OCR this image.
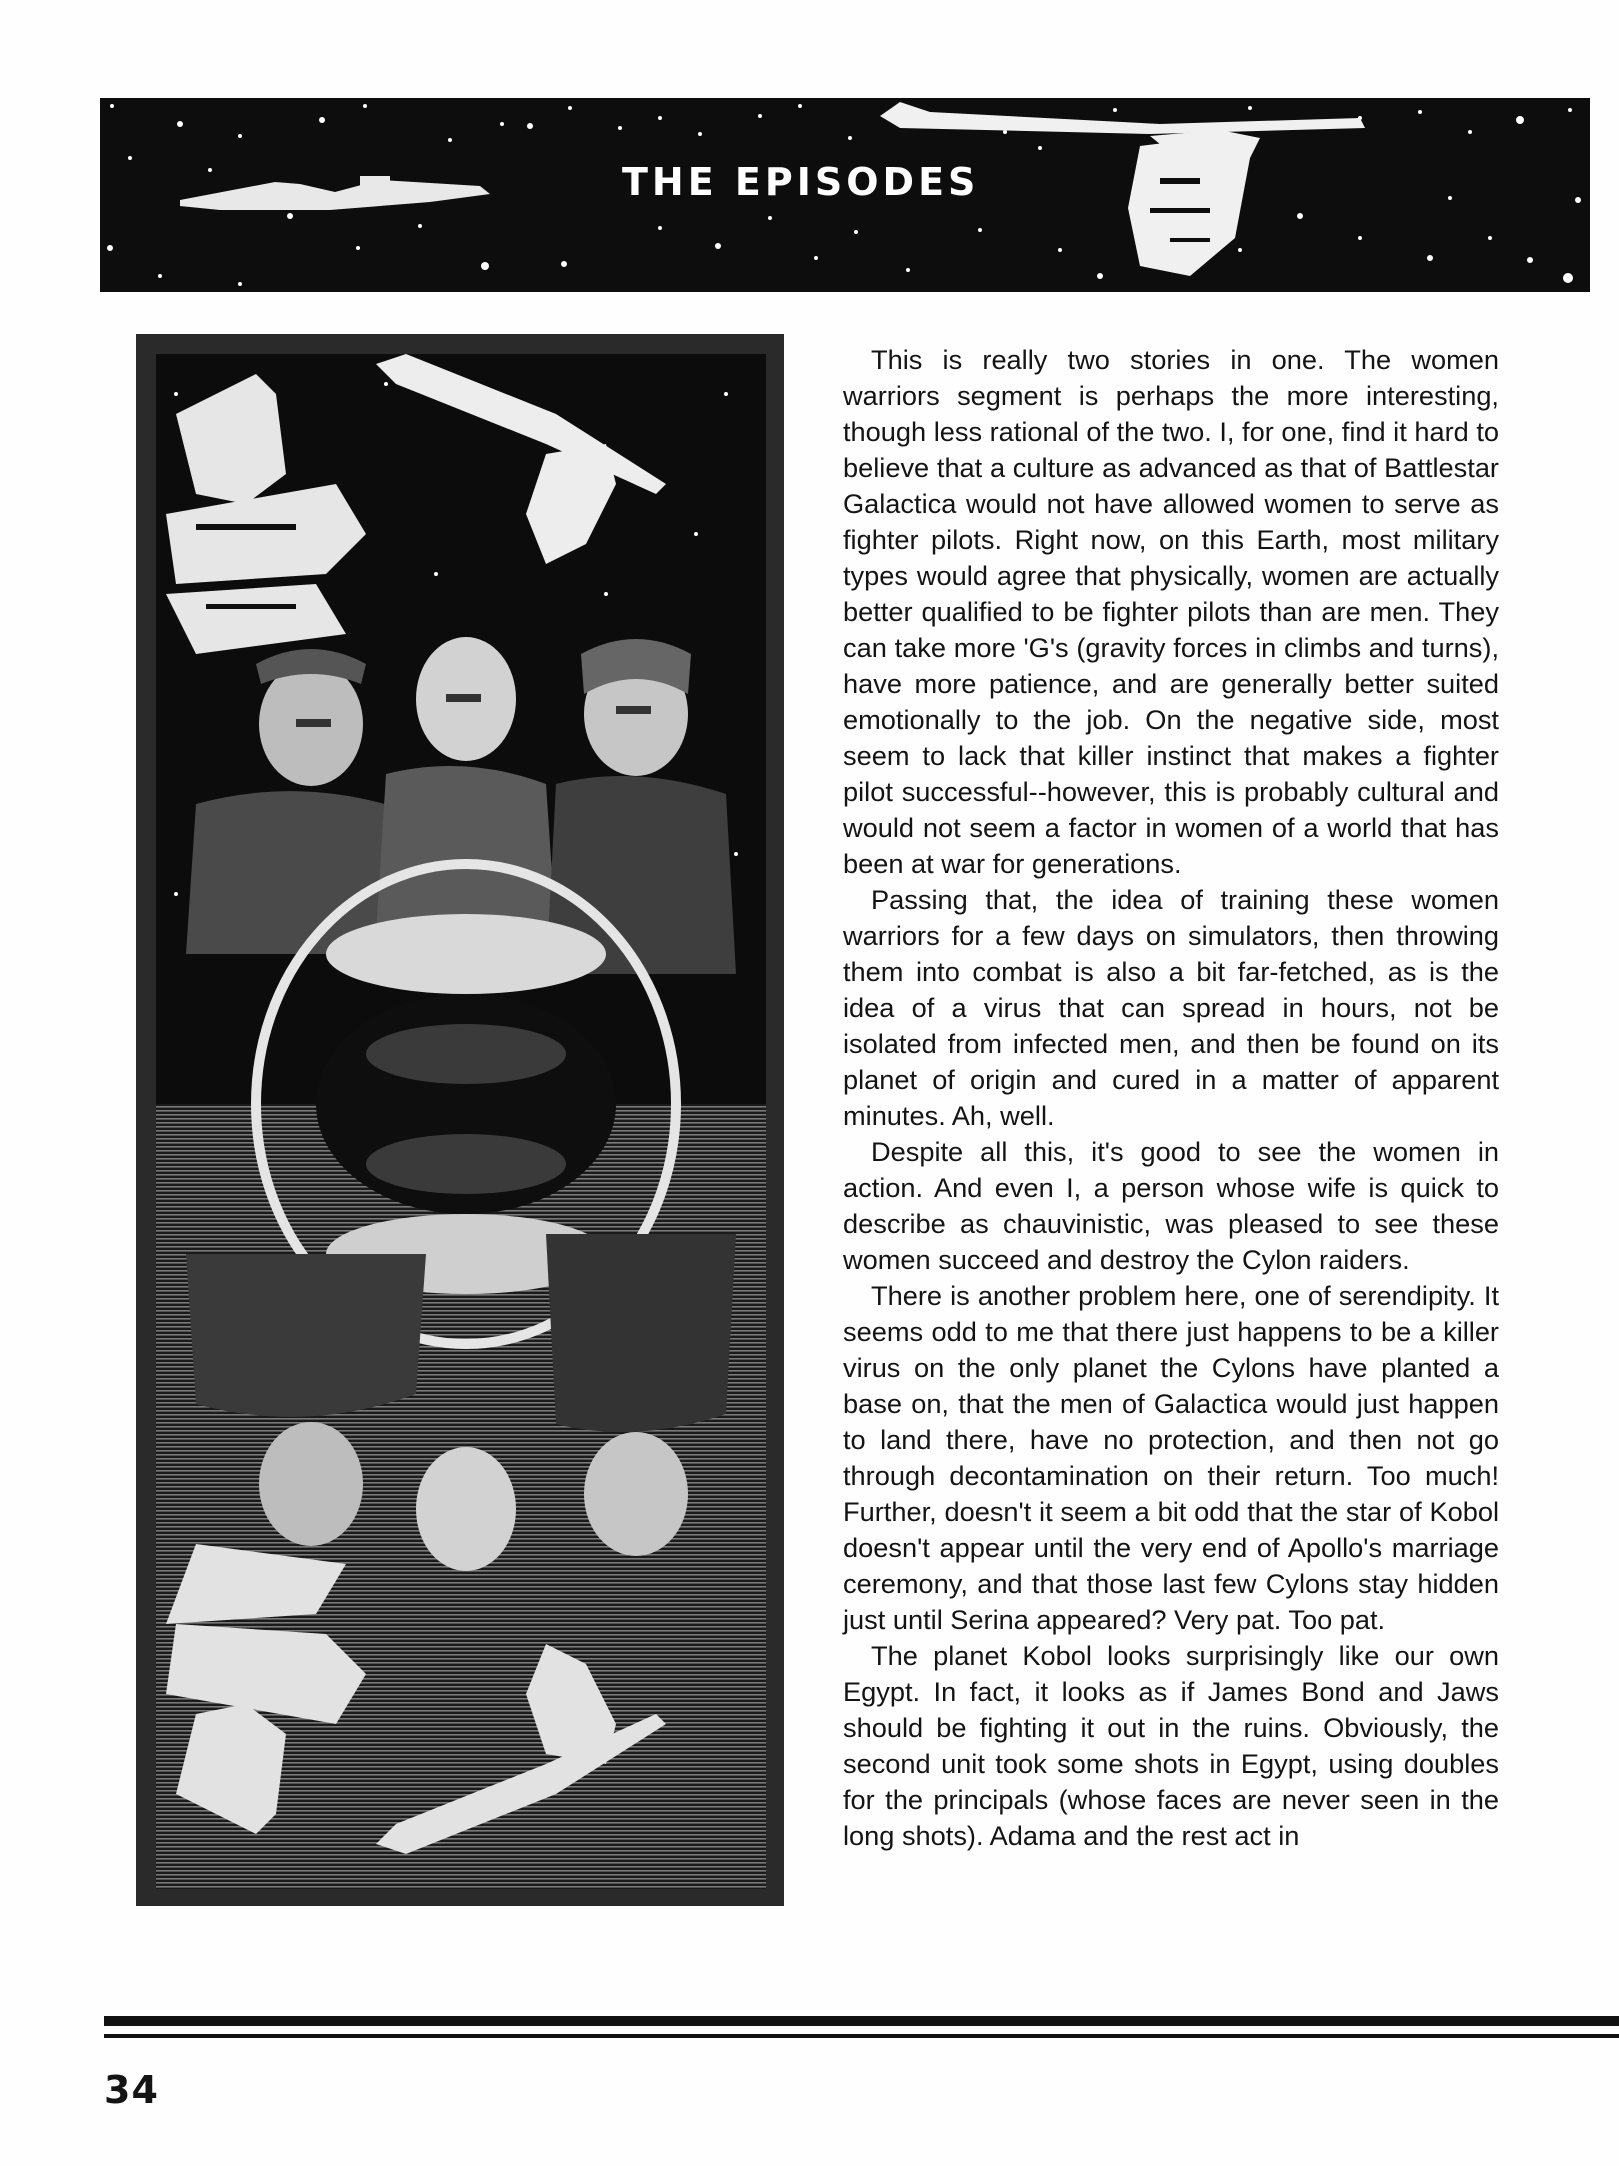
THE EPISODES

This is really two stories in one. The women warriors segment is perhaps the more interesting, though less rational of the two. I, for one, find it hard to believe that a culture as advanced as that of Battlestar Galactica would not have allowed women to serve as fighter pilots. Right now, on this Earth, most military types would agree that physically, women are actually better qualified to be fighter pilots than are men. They can take more 'G's (gravity forces in climbs and turns), have more patience, and are generally better suited emotionally to the job. On the negative side, most seem to lack that killer instinct that makes a fighter pilot successful--however, this is probably cultural and would not seem a factor in women of a world that has been at war for generations.

Passing that, the idea of training these women warriors for a few days on simulators, then throwing them into combat is also a bit far-fetched, as is the idea of a virus that can spread in hours, not be isolated from infected men, and then be found on its planet of origin and cured in a matter of apparent minutes. Ah, well.

Despite all this, it's good to see the women in action. And even I, a person whose wife is quick to describe as chauvinistic, was pleased to see these women succeed and destroy the Cylon raiders.

There is another problem here, one of serendipity. It seems odd to me that there just happens to be a killer virus on the only planet the Cylons have planted a base on, that the men of Galactica would just happen to land there, have no protection, and then not go through decontamination on their return. Too much! Further, doesn't it seem a bit odd that the star of Kobol doesn't appear until the very end of Apollo's marriage ceremony, and that those last few Cylons stay hidden just until Serina appeared? Very pat. Too pat.

The planet Kobol looks surprisingly like our own Egypt. In fact, it looks as if James Bond and Jaws should be fighting it out in the ruins. Obviously, the second unit took some shots in Egypt, using doubles for the principals (whose faces are never seen in the long shots). Adama and the rest act in

34
